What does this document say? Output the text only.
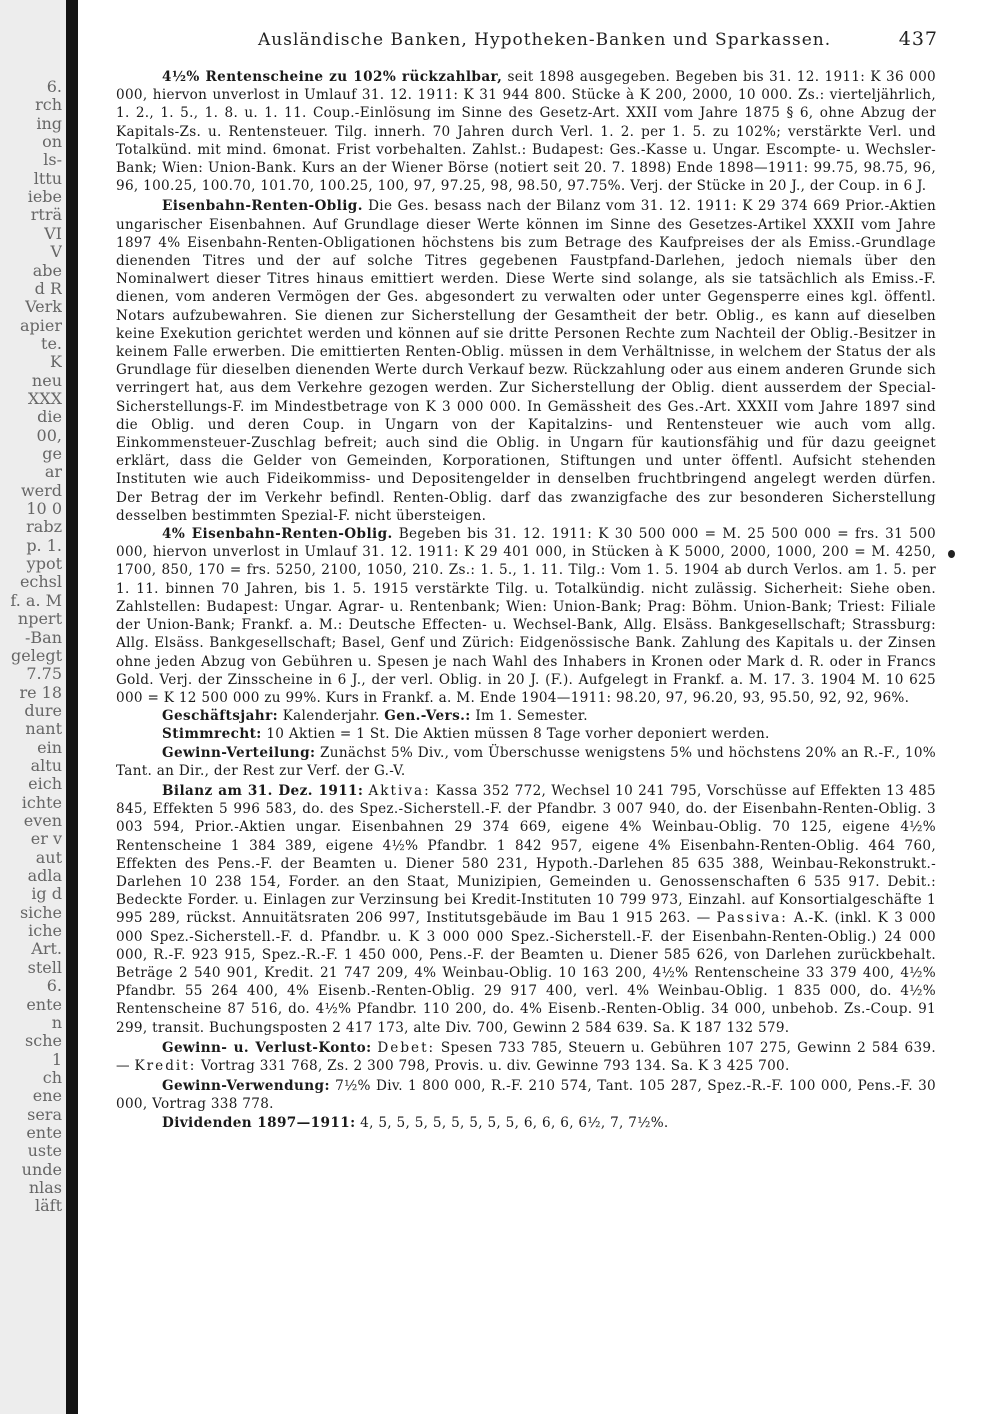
6.
rch
ing
on
ls-
lttu
iebe
rträ
VI
V
abe
d R
Verk
apier
te.
K
neu
XXX
die
00,
ge
ar
werd
10 0
rabz
p. 1.
ypot
echsl
f. a. M
npert
-Ban
gelegt
7.75
re 18
dure
nant
ein
altu
eich
ichte
even
er v
aut
adla
ig d
siche
iche
Art.
stell
6.
ente
n
sche
1
ch
ene
sera
ente
uste
unde
nlas
läft
Ausländische Banken, Hypotheken-Banken und Sparkassen.	437

4½% Rentenscheine zu 102% rückzahlbar, seit 1898 ausgegeben. Begeben bis 31. 12. 1911: K 36 000 000, hiervon unverlost in Umlauf 31. 12. 1911: K 31 944 800. Stücke à K 200, 2000, 10 000. Zs.: vierteljährlich, 1. 2., 1. 5., 1. 8. u. 1. 11. Coup.-Einlösung im Sinne des Gesetz-Art. XXII vom Jahre 1875 § 6, ohne Abzug der Kapitals-Zs. u. Rentensteuer. Tilg. innerh. 70 Jahren durch Verl. 1. 2. per 1. 5. zu 102%; verstärkte Verl. und Totalkünd. mit mind. 6monat. Frist vorbehalten. Zahlst.: Budapest: Ges.-Kasse u. Ungar. Escompte- u. Wechsler-Bank; Wien: Union-Bank. Kurs an der Wiener Börse (notiert seit 20. 7. 1898) Ende 1898—1911: 99.75, 98.75, 96, 96, 100.25, 100.70, 101.70, 100.25, 100, 97, 97.25, 98, 98.50, 97.75%. Verj. der Stücke in 20 J., der Coup. in 6 J.

Eisenbahn-Renten-Oblig. Die Ges. besass nach der Bilanz vom 31. 12. 1911: K 29 374 669 Prior.-Aktien ungarischer Eisenbahnen. Auf Grundlage dieser Werte können im Sinne des Gesetzes-Artikel XXXII vom Jahre 1897 4% Eisenbahn-Renten-Obligationen höchstens bis zum Betrage des Kaufpreises der als Emiss.-Grundlage dienenden Titres und der auf solche Titres gegebenen Faustpfand-Darlehen, jedoch niemals über den Nominalwert dieser Titres hinaus emittiert werden. Diese Werte sind solange, als sie tatsächlich als Emiss.-F. dienen, vom anderen Vermögen der Ges. abgesondert zu verwalten oder unter Gegensperre eines kgl. öffentl. Notars aufzubewahren. Sie dienen zur Sicherstellung der Gesamtheit der betr. Oblig., es kann auf dieselben keine Exekution gerichtet werden und können auf sie dritte Personen Rechte zum Nachteil der Oblig.-Besitzer in keinem Falle erwerben. Die emittierten Renten-Oblig. müssen in dem Verhältnisse, in welchem der Status der als Grundlage für dieselben dienenden Werte durch Verkauf bezw. Rückzahlung oder aus einem anderen Grunde sich verringert hat, aus dem Verkehre gezogen werden. Zur Sicherstellung der Oblig. dient ausserdem der Special-Sicherstellungs-F. im Mindestbetrage von K 3 000 000. In Gemässheit des Ges.-Art. XXXII vom Jahre 1897 sind die Oblig. und deren Coup. in Ungarn von der Kapitalzins- und Rentensteuer wie auch vom allg. Einkommensteuer-Zuschlag befreit; auch sind die Oblig. in Ungarn für kautionsfähig und für dazu geeignet erklärt, dass die Gelder von Gemeinden, Korporationen, Stiftungen und unter öffentl. Aufsicht stehenden Instituten wie auch Fideikommiss- und Depositengelder in denselben fruchtbringend angelegt werden dürfen. Der Betrag der im Verkehr befindl. Renten-Oblig. darf das zwanzigfache des zur besonderen Sicherstellung desselben bestimmten Spezial-F. nicht übersteigen.

4% Eisenbahn-Renten-Oblig. Begeben bis 31. 12. 1911: K 30 500 000 = M. 25 500 000 = frs. 31 500 000, hiervon unverlost in Umlauf 31. 12. 1911: K 29 401 000, in Stücken à K 5000, 2000, 1000, 200 = M. 4250, 1700, 850, 170 = frs. 5250, 2100, 1050, 210. Zs.: 1. 5., 1. 11. Tilg.: Vom 1. 5. 1904 ab durch Verlos. am 1. 5. per 1. 11. binnen 70 Jahren, bis 1. 5. 1915 verstärkte Tilg. u. Totalkündig. nicht zulässig. Sicherheit: Siehe oben. Zahlstellen: Budapest: Ungar. Agrar- u. Rentenbank; Wien: Union-Bank; Prag: Böhm. Union-Bank; Triest: Filiale der Union-Bank; Frankf. a. M.: Deutsche Effecten- u. Wechsel-Bank, Allg. Elsäss. Bankgesellschaft; Strassburg: Allg. Elsäss. Bankgesellschaft; Basel, Genf und Zürich: Eidgenössische Bank. Zahlung des Kapitals u. der Zinsen ohne jeden Abzug von Gebühren u. Spesen je nach Wahl des Inhabers in Kronen oder Mark d. R. oder in Francs Gold. Verj. der Zinsscheine in 6 J., der verl. Oblig. in 20 J. (F.). Aufgelegt in Frankf. a. M. 17. 3. 1904 M. 10 625 000 = K 12 500 000 zu 99%. Kurs in Frankf. a. M. Ende 1904—1911: 98.20, 97, 96.20, 93, 95.50, 92, 92, 96%.

Geschäftsjahr: Kalenderjahr. Gen.-Vers.: Im 1. Semester.

Stimmrecht: 10 Aktien = 1 St. Die Aktien müssen 8 Tage vorher deponiert werden.

Gewinn-Verteilung: Zunächst 5% Div., vom Überschusse wenigstens 5% und höchstens 20% an R.-F., 10% Tant. an Dir., der Rest zur Verf. der G.-V.

Bilanz am 31. Dez. 1911: Aktiva: Kassa 352 772, Wechsel 10 241 795, Vorschüsse auf Effekten 13 485 845, Effekten 5 996 583, do. des Spez.-Sicherstell.-F. der Pfandbr. 3 007 940, do. der Eisenbahn-Renten-Oblig. 3 003 594, Prior.-Aktien ungar. Eisenbahnen 29 374 669, eigene 4% Weinbau-Oblig. 70 125, eigene 4½% Rentenscheine 1 384 389, eigene 4½% Pfandbr. 1 842 957, eigene 4% Eisenbahn-Renten-Oblig. 464 760, Effekten des Pens.-F. der Beamten u. Diener 580 231, Hypoth.-Darlehen 85 635 388, Weinbau-Rekonstrukt.-Darlehen 10 238 154, Forder. an den Staat, Munizipien, Gemeinden u. Genossenschaften 6 535 917. Debit.: Bedeckte Forder. u. Einlagen zur Verzinsung bei Kredit-Instituten 10 799 973, Einzahl. auf Konsortialgeschäfte 1 995 289, rückst. Annuitätsraten 206 997, Institutsgebäude im Bau 1 915 263. — Passiva: A.-K. (inkl. K 3 000 000 Spez.-Sicherstell.-F. d. Pfandbr. u. K 3 000 000 Spez.-Sicherstell.-F. der Eisenbahn-Renten-Oblig.) 24 000 000, R.-F. 923 915, Spez.-R.-F. 1 450 000, Pens.-F. der Beamten u. Diener 585 626, von Darlehen zurückbehalt. Beträge 2 540 901, Kredit. 21 747 209, 4% Weinbau-Oblig. 10 163 200, 4½% Rentenscheine 33 379 400, 4½% Pfandbr. 55 264 400, 4% Eisenb.-Renten-Oblig. 29 917 400, verl. 4% Weinbau-Oblig. 1 835 000, do. 4½% Rentenscheine 87 516, do. 4½% Pfandbr. 110 200, do. 4% Eisenb.-Renten-Oblig. 34 000, unbehob. Zs.-Coup. 91 299, transit. Buchungsposten 2 417 173, alte Div. 700, Gewinn 2 584 639. Sa. K 187 132 579.

Gewinn- u. Verlust-Konto: Debet: Spesen 733 785, Steuern u. Gebühren 107 275, Gewinn 2 584 639. — Kredit: Vortrag 331 768, Zs. 2 300 798, Provis. u. div. Gewinne 793 134. Sa. K 3 425 700.

Gewinn-Verwendung: 7½% Div. 1 800 000, R.-F. 210 574, Tant. 105 287, Spez.-R.-F. 100 000, Pens.-F. 30 000, Vortrag 338 778.

Dividenden 1897—1911: 4, 5, 5, 5, 5, 5, 5, 5, 5, 6, 6, 6, 6½, 7, 7½%.
